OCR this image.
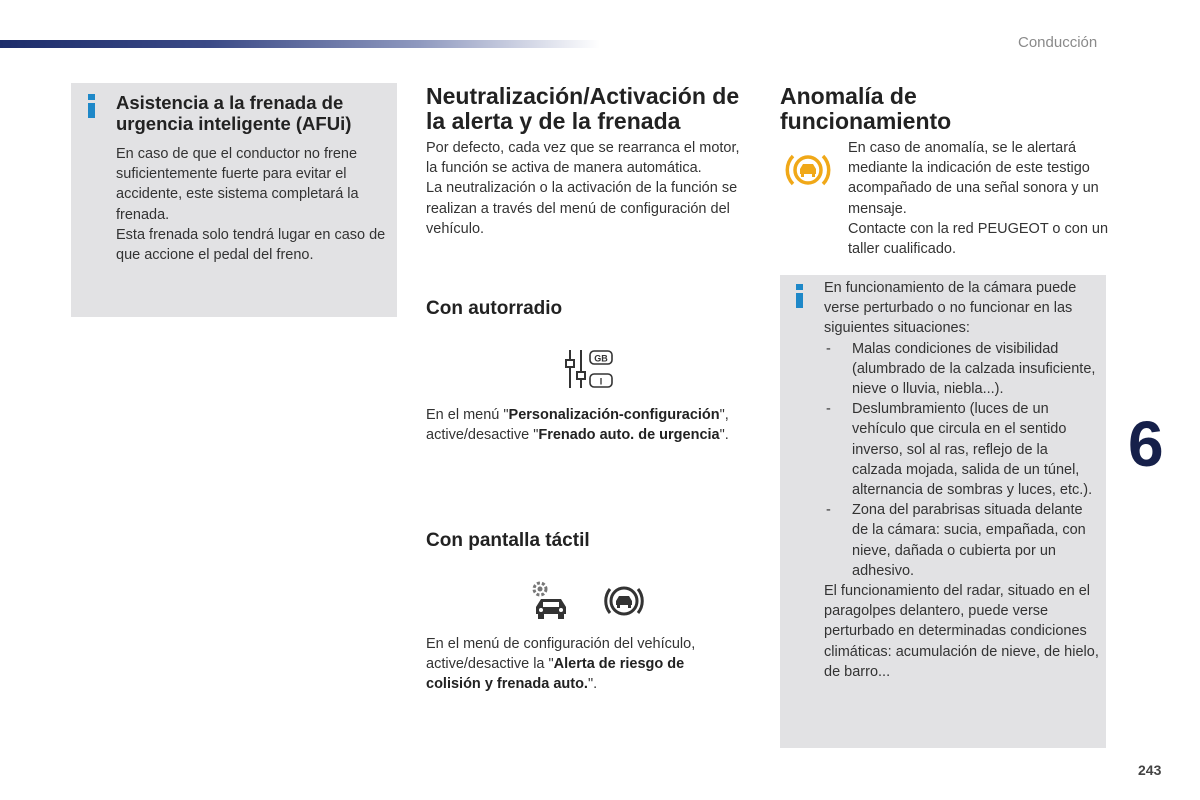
Conducción
Asistencia a la frenada de urgencia inteligente (AFUi)

En caso de que el conductor no frene suficientemente fuerte para evitar el accidente, este sistema completará la frenada.

Esta frenada solo tendrá lugar en caso de que accione el pedal del freno.

Neutralización/Activación de la alerta y de la frenada

Por defecto, cada vez que se rearranca el motor, la función se activa de manera automática.

La neutralización o la activación de la función se realizan a través del menú de configuración del vehículo.

Con autorradio
GB
I
En el menú "Personalización-configuración", active/desactive "Frenado auto. de urgencia".
Con pantalla táctil
En el menú de configuración del vehículo, active/desactive la "Alerta de riesgo de colisión y frenada auto.".
Anomalía de funcionamiento

En caso de anomalía, se le alertará mediante la indicación de este testigo acompañado de una señal sonora y un mensaje.

Contacte con la red PEUGEOT o con un taller cualificado.

En funcionamiento de la cámara puede verse perturbado o no funcionar en las siguientes situaciones:

- Malas condiciones de visibilidad (alumbrado de la calzada insuficiente, nieve o lluvia, niebla...).
- Deslumbramiento (luces de un vehículo que circula en el sentido inverso, sol al ras, reflejo de la calzada mojada, salida de un túnel, alternancia de sombras y luces, etc.).
- Zona del parabrisas situada delante de la cámara: sucia, empañada, con nieve, dañada o cubierta por un adhesivo.

El funcionamiento del radar, situado en el paragolpes delantero, puede verse perturbado en determinadas condiciones climáticas: acumulación de nieve, de hielo, de barro...

6
243
